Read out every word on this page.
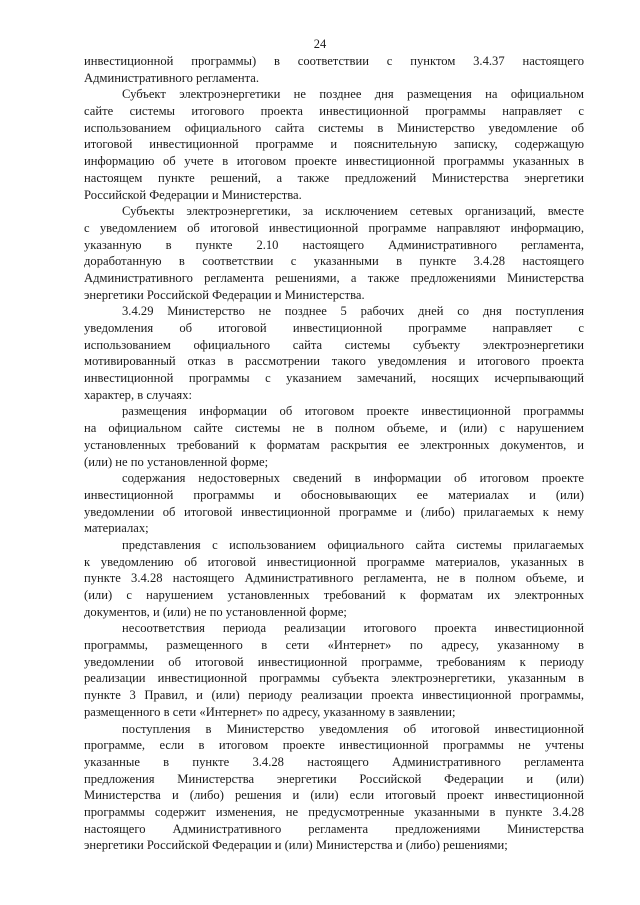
24
инвестиционной программы) в соответствии с пунктом 3.4.37 настоящего
Административного регламента.
Субъект электроэнергетики не позднее дня размещения на официальном
сайте системы итогового проекта инвестиционной программы направляет с
использованием официального сайта системы в Министерство уведомление об
итоговой инвестиционной программе и пояснительную записку, содержащую
информацию об учете в итоговом проекте инвестиционной программы указанных в
настоящем пункте решений, а также предложений Министерства энергетики
Российской Федерации и Министерства.
Субъекты электроэнергетики, за исключением сетевых организаций, вместе
с уведомлением об итоговой инвестиционной программе направляют информацию,
указанную в пункте 2.10 настоящего Административного регламента,
доработанную в соответствии с указанными в пункте 3.4.28 настоящего
Административного регламента решениями, а также предложениями Министерства
энергетики Российской Федерации и Министерства.
3.4.29 Министерство не позднее 5 рабочих дней со дня поступления
уведомления об итоговой инвестиционной программе направляет с
использованием официального сайта системы субъекту электроэнергетики
мотивированный отказ в рассмотрении такого уведомления и итогового проекта
инвестиционной программы с указанием замечаний, носящих исчерпывающий
характер, в случаях:
размещения информации об итоговом проекте инвестиционной программы
на официальном сайте системы не в полном объеме, и (или) с нарушением
установленных требований к форматам раскрытия ее электронных документов, и
(или) не по установленной форме;
содержания недостоверных сведений в информации об итоговом проекте
инвестиционной программы и обосновывающих ее материалах и (или)
уведомлении об итоговой инвестиционной программе и (либо) прилагаемых к нему
материалах;
представления с использованием официального сайта системы прилагаемых
к уведомлению об итоговой инвестиционной программе материалов, указанных в
пункте 3.4.28 настоящего Административного регламента, не в полном объеме, и
(или) с нарушением установленных требований к форматам их электронных
документов, и (или) не по установленной форме;
несоответствия периода реализации итогового проекта инвестиционной
программы, размещенного в сети «Интернет» по адресу, указанному в
уведомлении об итоговой инвестиционной программе, требованиям к периоду
реализации инвестиционной программы субъекта электроэнергетики, указанным в
пункте 3 Правил, и (или) периоду реализации проекта инвестиционной программы,
размещенного в сети «Интернет» по адресу, указанному в заявлении;
поступления в Министерство уведомления об итоговой инвестиционной
программе, если в итоговом проекте инвестиционной программы не учтены
указанные в пункте 3.4.28 настоящего Административного регламента
предложения Министерства энергетики Российской Федерации и (или)
Министерства и (либо) решения и (или) если итоговый проект инвестиционной
программы содержит изменения, не предусмотренные указанными в пункте 3.4.28
настоящего Административного регламента предложениями Министерства
энергетики Российской Федерации и (или) Министерства и (либо) решениями;
